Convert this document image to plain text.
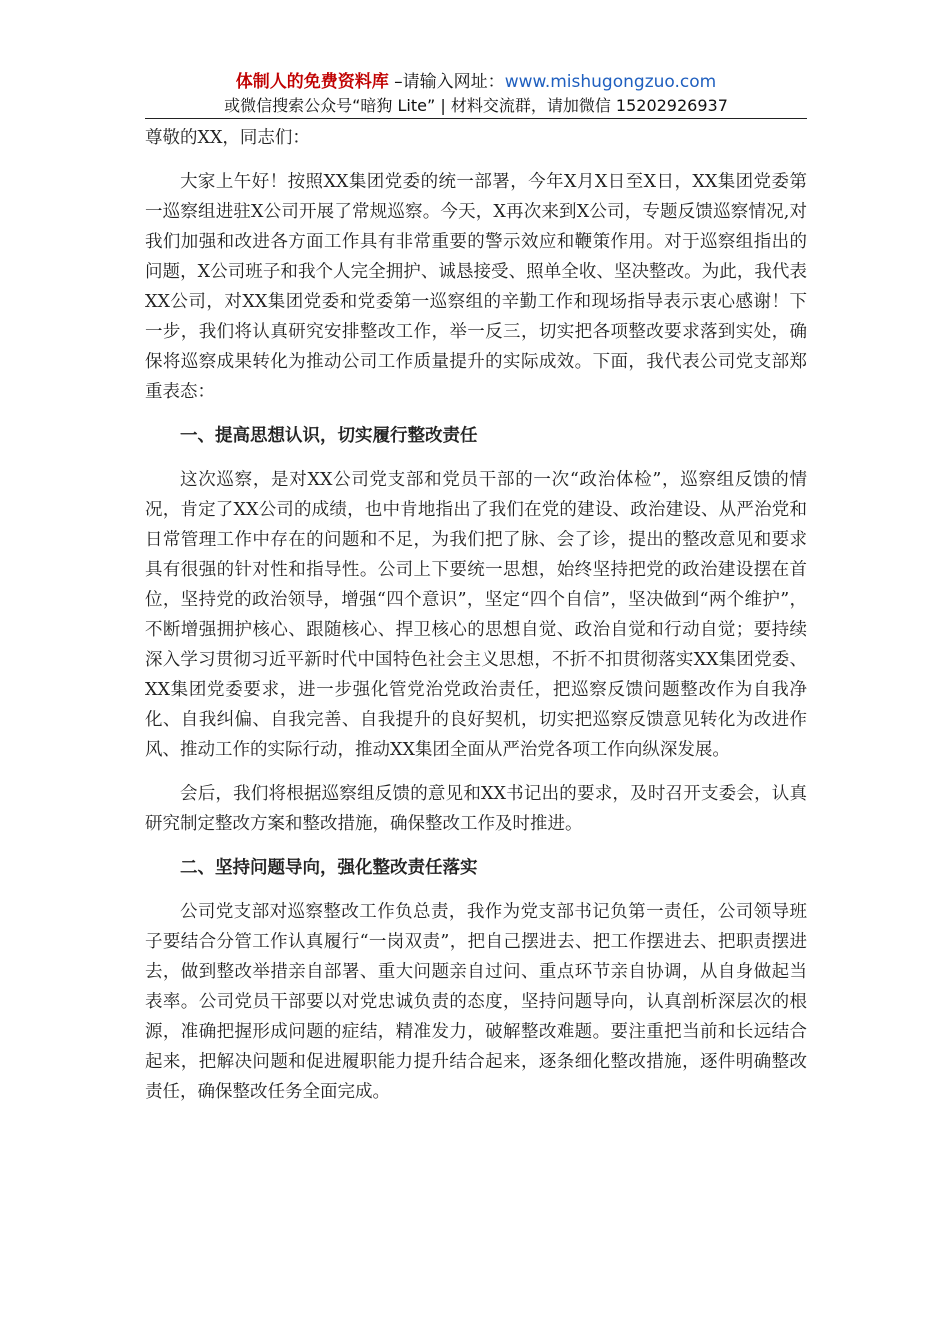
体制人的免费资料库 –请输入网址：www.mishugongzuo.com
或微信搜索公众号“暗狗 Lite” | 材料交流群，请加微信 15202926937

尊敬的XX，同志们：

大家上午好！按照XX集团党委的统一部署，今年X月X日至X日，XX集团党委第一巡察组进驻X公司开展了常规巡察。今天，X再次来到X公司，专题反馈巡察情况,对我们加强和改进各方面工作具有非常重要的警示效应和鞭策作用。对于巡察组指出的问题，X公司班子和我个人完全拥护、诚恳接受、照单全收、坚决整改。为此，我代表XX公司，对XX集团党委和党委第一巡察组的辛勤工作和现场指导表示衷心感谢！下一步，我们将认真研究安排整改工作，举一反三，切实把各项整改要求落到实处，确保将巡察成果转化为推动公司工作质量提升的实际成效。下面，我代表公司党支部郑重表态：

一、提高思想认识，切实履行整改责任

这次巡察，是对XX公司党支部和党员干部的一次“政治体检”，巡察组反馈的情况，肯定了XX公司的成绩，也中肯地指出了我们在党的建设、政治建设、从严治党和日常管理工作中存在的问题和不足，为我们把了脉、会了诊，提出的整改意见和要求具有很强的针对性和指导性。公司上下要统一思想，始终坚持把党的政治建设摆在首位，坚持党的政治领导，增强“四个意识”，坚定“四个自信”，坚决做到“两个维护”，不断增强拥护核心、跟随核心、捍卫核心的思想自觉、政治自觉和行动自觉；要持续深入学习贯彻习近平新时代中国特色社会主义思想，不折不扣贯彻落实XX集团党委、XX集团党委要求，进一步强化管党治党政治责任，把巡察反馈问题整改作为自我净化、自我纠偏、自我完善、自我提升的良好契机，切实把巡察反馈意见转化为改进作风、推动工作的实际行动，推动XX集团全面从严治党各项工作向纵深发展。

会后，我们将根据巡察组反馈的意见和XX书记出的要求，及时召开支委会，认真研究制定整改方案和整改措施，确保整改工作及时推进。

二、坚持问题导向，强化整改责任落实

公司党支部对巡察整改工作负总责，我作为党支部书记负第一责任，公司领导班子要结合分管工作认真履行“一岗双责”，把自己摆进去、把工作摆进去、把职责摆进去，做到整改举措亲自部署、重大问题亲自过问、重点环节亲自协调，从自身做起当表率。公司党员干部要以对党忠诚负责的态度，坚持问题导向，认真剖析深层次的根源，准确把握形成问题的症结，精准发力，破解整改难题。要注重把当前和长远结合起来，把解决问题和促进履职能力提升结合起来，逐条细化整改措施，逐件明确整改责任，确保整改任务全面完成。
